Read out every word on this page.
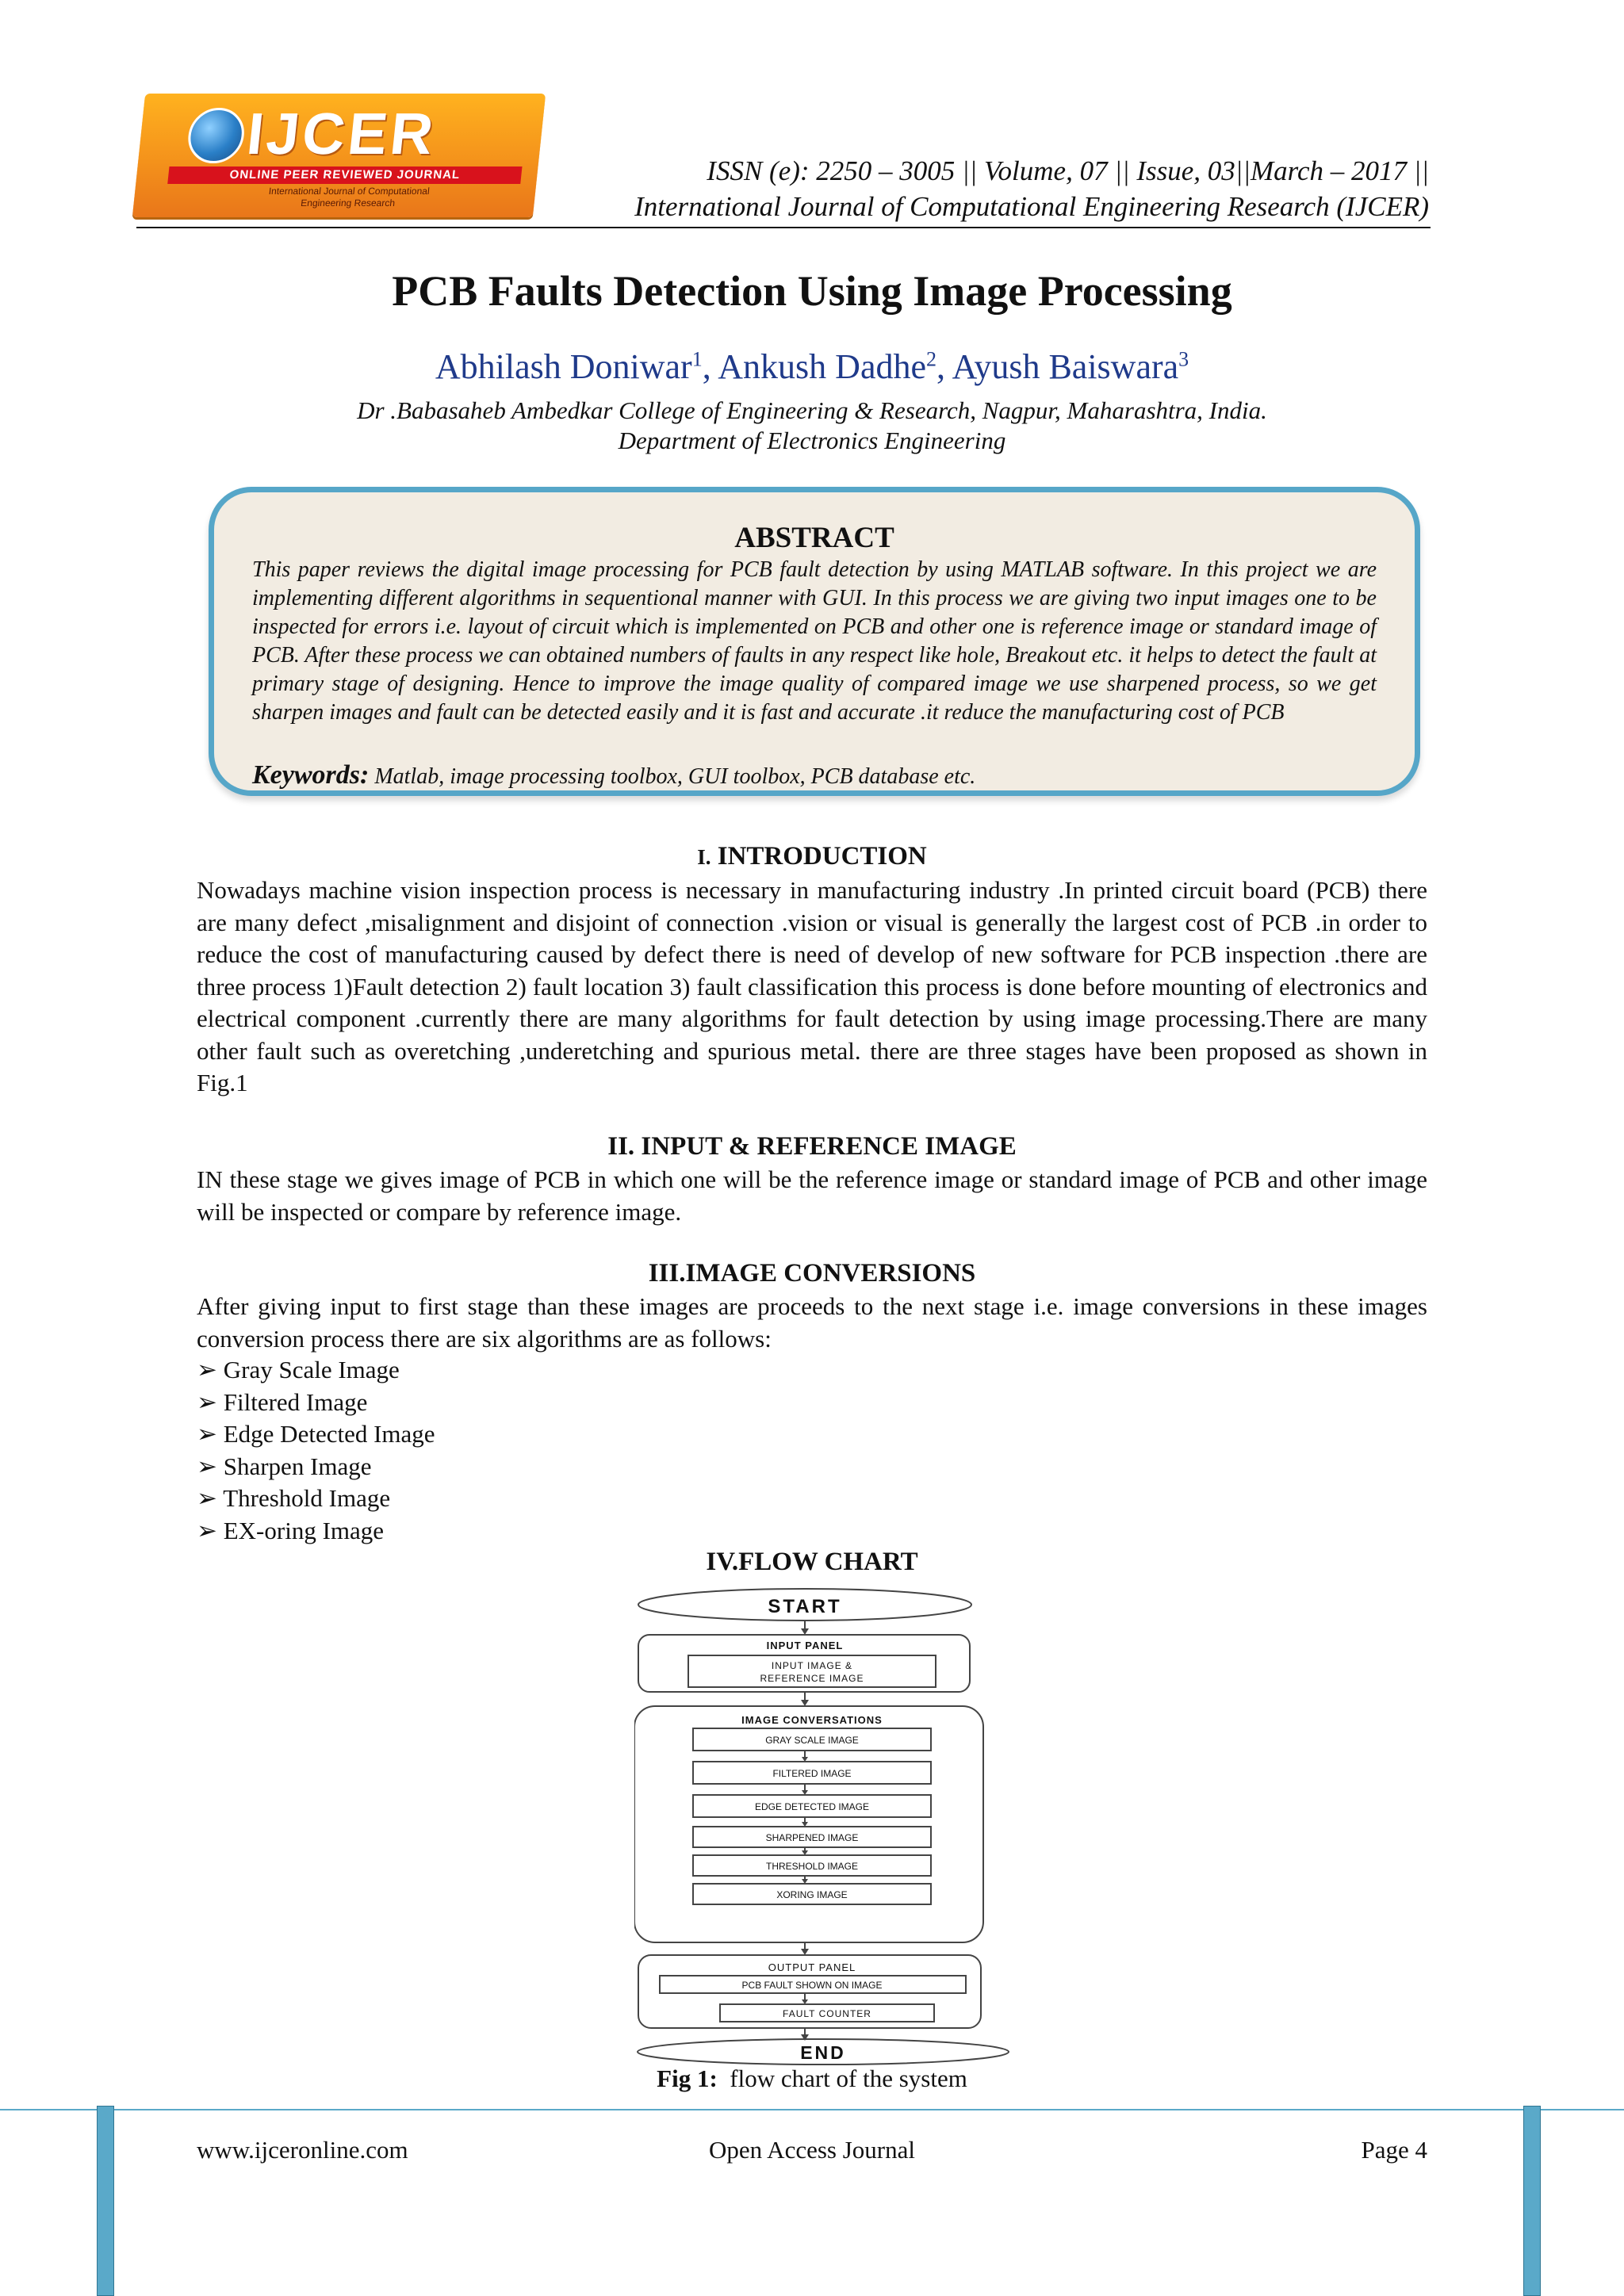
IJCER
ONLINE PEER REVIEWED JOURNAL
International Journal of Computational
Engineering Research
ISSN (e): 2250 – 3005 || Volume, 07 || Issue, 03||March – 2017 ||
International Journal of Computational Engineering Research (IJCER)
PCB Faults Detection Using Image Processing
Abhilash Doniwar$^1$, Ankush Dadhe$^2$, Ayush Baiswara$^3$
Dr .Babasaheb Ambedkar College of Engineering & Research, Nagpur, Maharashtra, India.
Department of Electronics Engineering
ABSTRACT
This paper reviews the digital image processing for PCB fault detection by using MATLAB software. In this project we are implementing different algorithms in sequentional manner with GUI. In this process we are giving two input images one to be inspected for errors i.e. layout of circuit which is implemented on PCB and other one is reference image or standard image of PCB. After these process we can obtained numbers of faults in any respect like hole, Breakout etc. it helps to detect the fault at primary stage of designing. Hence to improve the image quality of compared image we use sharpened process, so we get sharpen images and fault can be detected easily and it is fast and accurate .it reduce the manufacturing cost of PCB
Keywords: Matlab, image processing toolbox, GUI toolbox, PCB database etc.
I. INTRODUCTION
Nowadays machine vision inspection process is necessary in manufacturing industry .In printed circuit board (PCB) there are many defect ,misalignment and disjoint of connection .vision or visual is generally the largest cost of PCB .in order to reduce the cost of manufacturing caused by defect there is need of develop of new software for PCB inspection .there are three process 1)Fault detection 2) fault location 3) fault classification this process is done before mounting of electronics and electrical component .currently there are many algorithms for fault detection by using image processing.There are many other fault such as overetching ,underetching and spurious metal. there are three stages have been proposed as shown in Fig.1
II. INPUT & REFERENCE IMAGE
IN these stage we gives image of PCB in which one will be the reference image or standard image of PCB and other image will be inspected or compare by reference image.
III.IMAGE CONVERSIONS
After giving input to first stage than these images are proceeds to the next stage i.e. image conversions in these images conversion process there are six algorithms are as follows:
➢ Gray Scale Image
➢ Filtered Image
➢ Edge Detected Image
➢ Sharpen Image
➢ Threshold Image
➢ EX-oring Image
IV.FLOW CHART
START
INPUT PANEL
INPUT IMAGE &
REFERENCE IMAGE
IMAGE CONVERSATIONS
GRAY SCALE IMAGE
FILTERED IMAGE
EDGE DETECTED IMAGE
SHARPENED IMAGE
THRESHOLD IMAGE
XORING IMAGE
OUTPUT PANEL
PCB FAULT SHOWN ON IMAGE
FAULT COUNTER
END
Fig 1: flow chart of the system
www.ijceronline.com	Open Access Journal	Page 4
